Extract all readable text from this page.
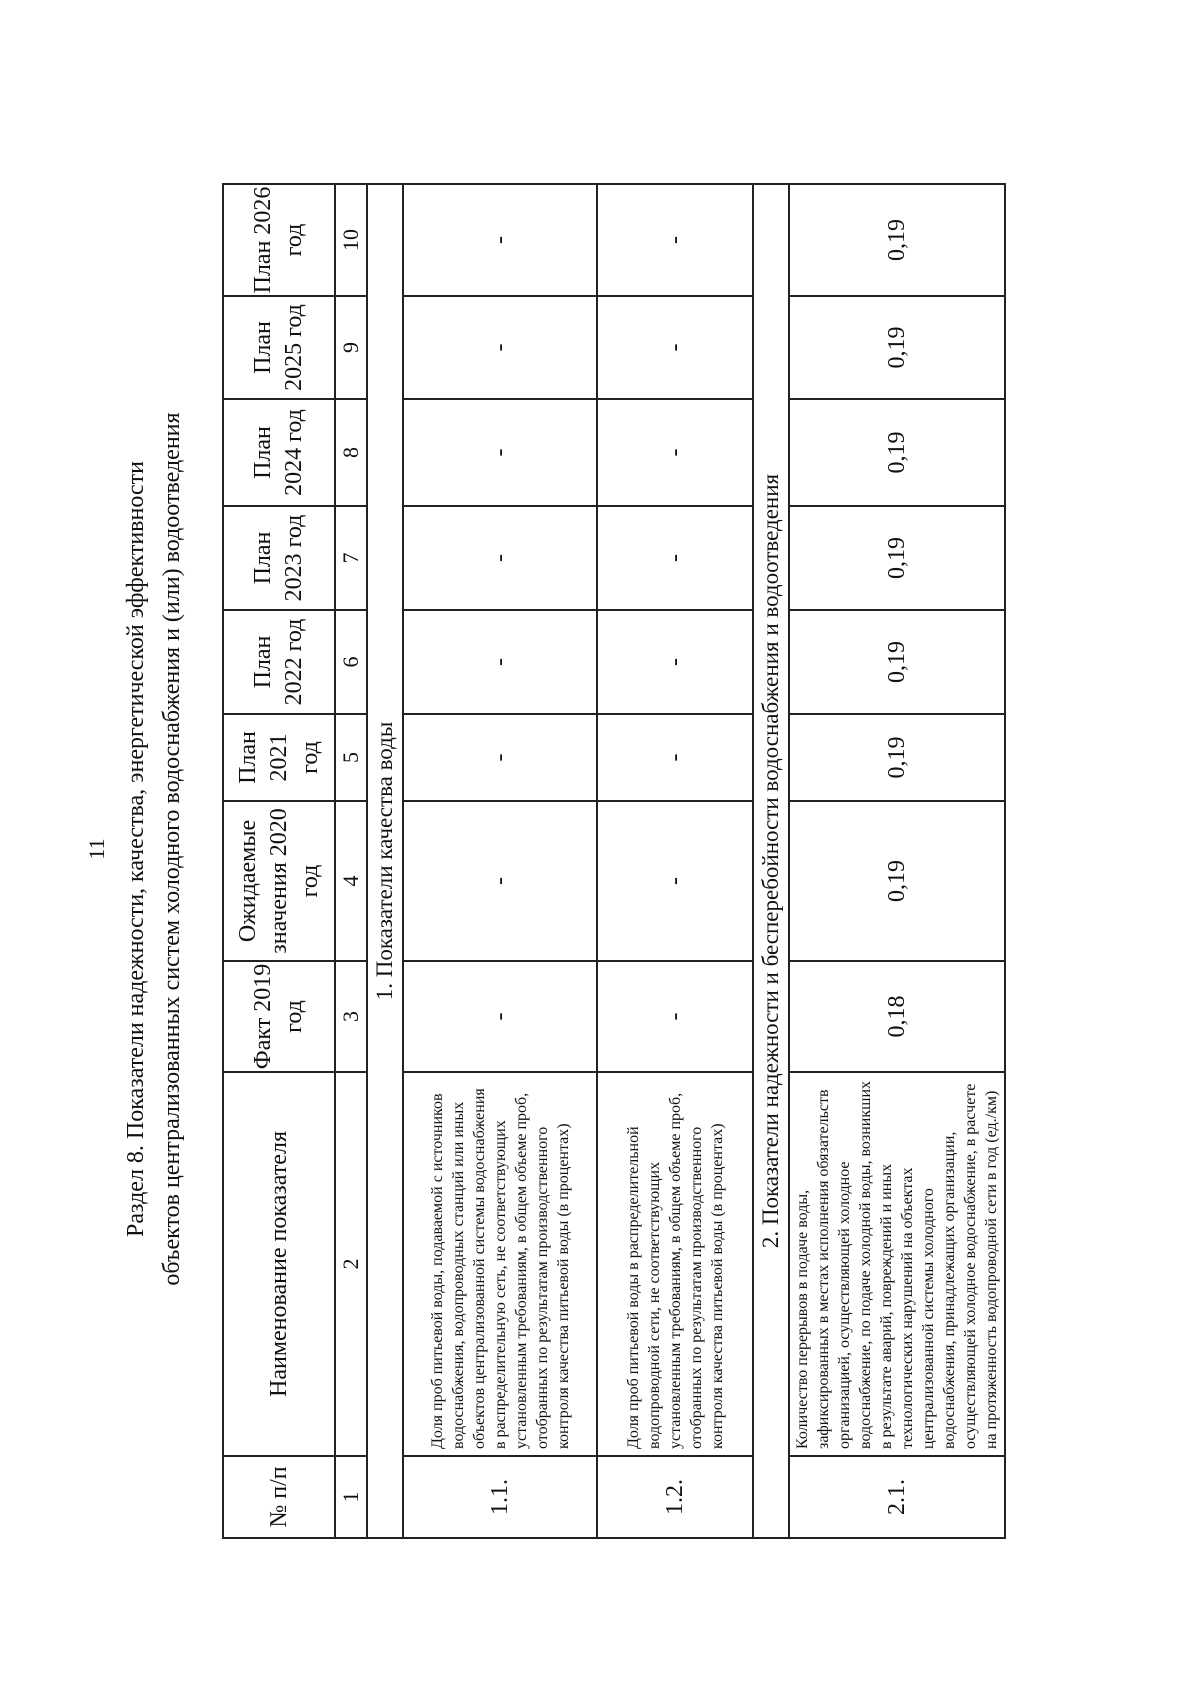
11 Раздел 8. Показатели надежности, качества, энергетической эффективности объектов централизованных систем холодного водоснабжения и (или) водоотведения
№ п/п	Наименование показателя	Факт 2019 год	Ожидаемые значения 2020 год	План 2021 год	План 2022 год	План 2023 год	План 2024 год	План 2025 год	План 2026 год
1	2	3	4	5	6	7	8	9	10
1. Показатели качества воды									
1.1.	Доля проб питьевой воды, подаваемой с источников водоснабжения, водопроводных станций или иных объектов централизованной системы водоснабжения в распределительную сеть, не соответствующих установленным требованиям, в общем объеме проб, отобранных по результатам производственного контроля качества питьевой воды (в процентах)	-	-	-	-	-	-	-	-
1.2.	Доля проб питьевой воды в распределительной водопроводной сети, не соответствующих установленным требованиям, в общем объеме проб, отобранных по результатам производственного контроля качества питьевой воды (в процентах)	-	-	-	-	-	-	-	-
2. Показатели надежности и бесперебойности водоснабжения и водоотведения									
2.1.	Количество перерывов в подаче воды, зафиксированных в местах исполнения обязательств организацией, осуществляющей холодное водоснабжение, по подаче холодной воды, возникших в результате аварий, повреждений и иных технологических нарушений на объектах централизованной системы холодного водоснабжения, принадлежащих организации, осуществляющей холодное водоснабжение, в расчете на протяженность водопроводной сети в год (ед./км)	0,18	0,19	0,19	0,19	0,19	0,19	0,19	0,19
